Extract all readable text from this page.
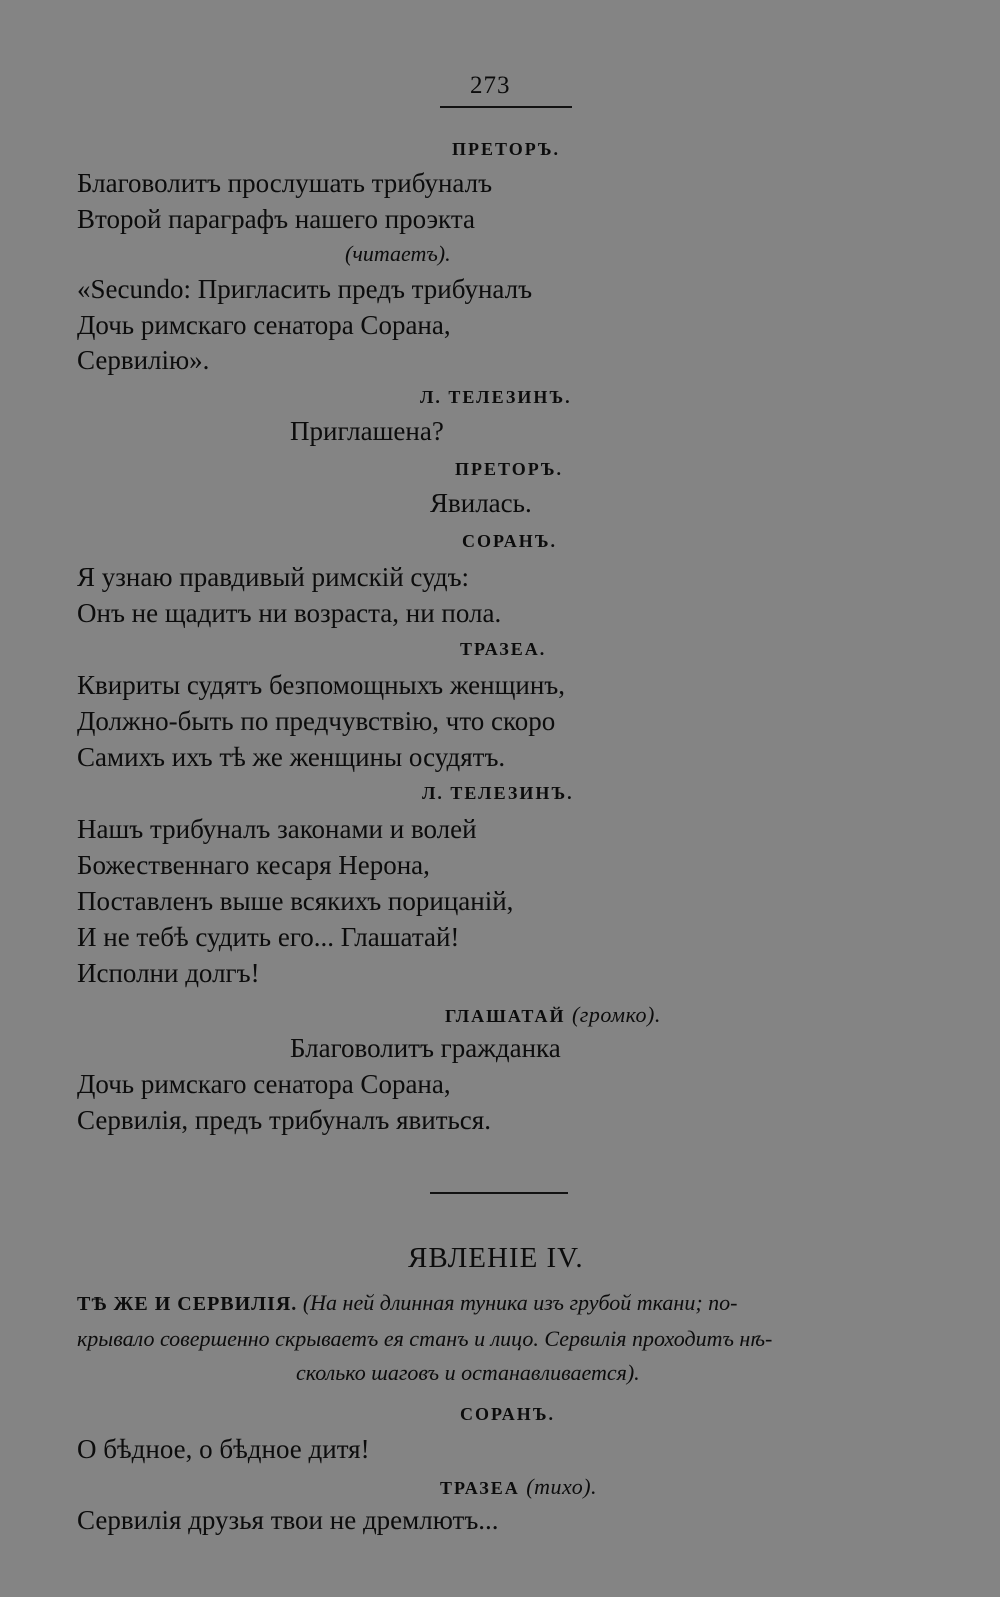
273
ПРЕТОРЪ.
Благоволитъ прослушать трибуналъ
Второй параграфъ нашего проэкта
(читаетъ).
«Secundo: Пригласить предъ трибуналъ
Дочь римскаго сенатора Сорана,
Сервилію».
Л. ТЕЛЕЗИНЪ.
Приглашена?
ПРЕТОРЪ.
Явилась.
СОРАНЪ.
Я узнаю правдивый римскій судъ:
Онъ не щадитъ ни возраста, ни пола.
ТРАЗЕА.
Квириты судятъ безпомощныхъ женщинъ,
Должно-быть по предчувствію, что скоро
Самихъ ихъ тѣ же женщины осудятъ.
Л. ТЕЛЕЗИНЪ.
Нашъ трибуналъ законами и волей
Божественнаго кесаря Нерона,
Поставленъ выше всякихъ порицаній,
И не тебѣ судить его... Глашатай!
Исполни долгъ!
ГЛАШАТАЙ (громко).
Благоволитъ гражданка
Дочь римскаго сенатора Сорана,
Сервилія, предъ трибуналъ явиться.
ЯВЛЕНІЕ IV.
ТѢ ЖЕ И СЕРВИЛІЯ. (На ней длинная туника изъ грубой ткани; по-
крывало совершенно скрываетъ ея станъ и лицо. Сервилія проходитъ нѣ-
сколько шаговъ и останавливается).
СОРАНЪ.
О бѣдное, о бѣдное дитя!
ТРАЗЕА (тихо).
Сервилія друзья твои не дремлютъ...
